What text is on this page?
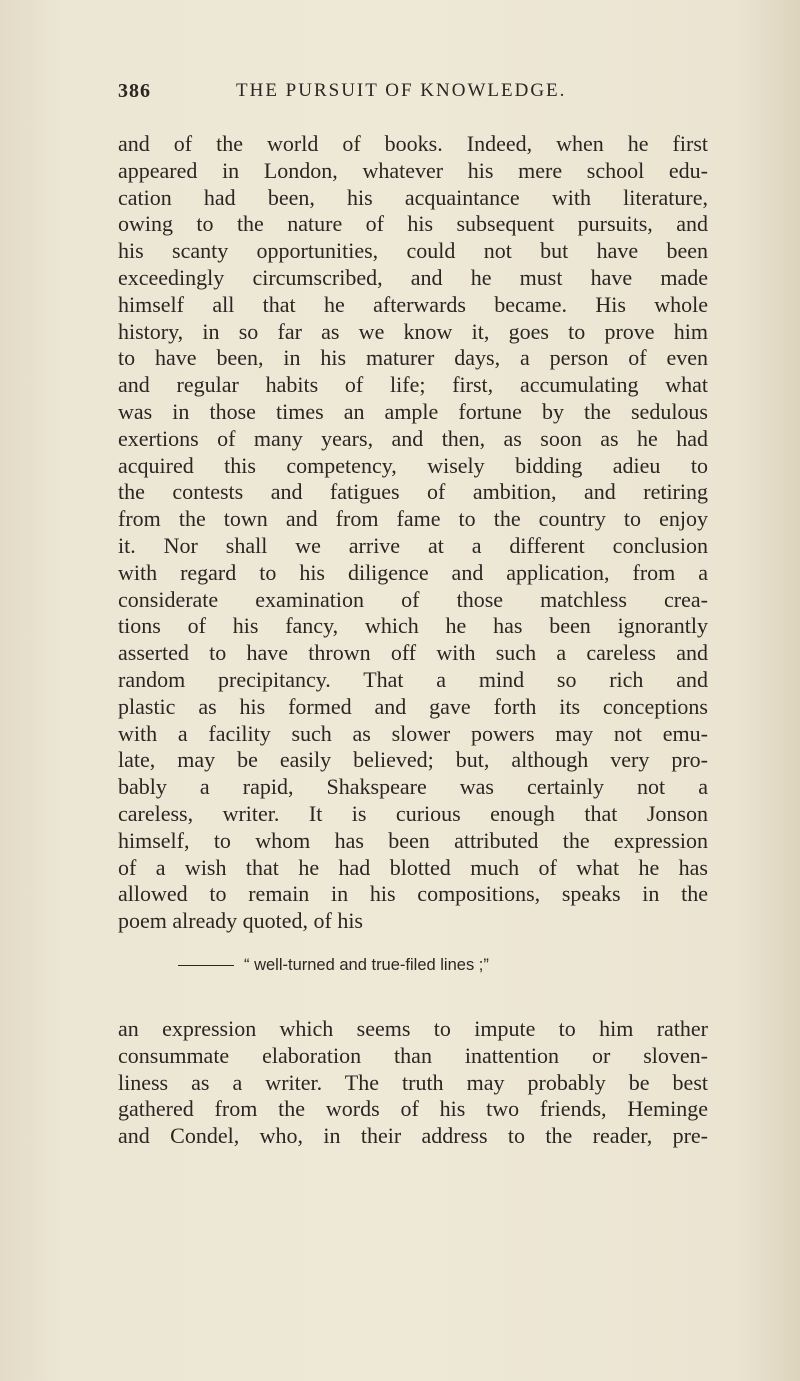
386	THE PURSUIT OF KNOWLEDGE.
and of the world of books. Indeed, when he first
appeared in London, whatever his mere school edu-
cation had been, his acquaintance with literature,
owing to the nature of his subsequent pursuits, and
his scanty opportunities, could not but have been
exceedingly circumscribed, and he must have made
himself all that he afterwards became. His whole
history, in so far as we know it, goes to prove him
to have been, in his maturer days, a person of even
and regular habits of life; first, accumulating what
was in those times an ample fortune by the sedulous
exertions of many years, and then, as soon as he had
acquired this competency, wisely bidding adieu to
the contests and fatigues of ambition, and retiring
from the town and from fame to the country to enjoy
it. Nor shall we arrive at a different conclusion
with regard to his diligence and application, from a
considerate examination of those matchless crea-
tions of his fancy, which he has been ignorantly
asserted to have thrown off with such a careless and
random precipitancy. That a mind so rich and
plastic as his formed and gave forth its conceptions
with a facility such as slower powers may not emu-
late, may be easily believed; but, although very pro-
bably a rapid, Shakspeare was certainly not a
careless, writer. It is curious enough that Jonson
himself, to whom has been attributed the expression
of a wish that he had blotted much of what he has
allowed to remain in his compositions, speaks in the
poem already quoted, of his
“ well-turned and true-filed lines ;”
an expression which seems to impute to him rather
consummate elaboration than inattention or sloven-
liness as a writer. The truth may probably be best
gathered from the words of his two friends, Heminge
and Condel, who, in their address to the reader, pre-
